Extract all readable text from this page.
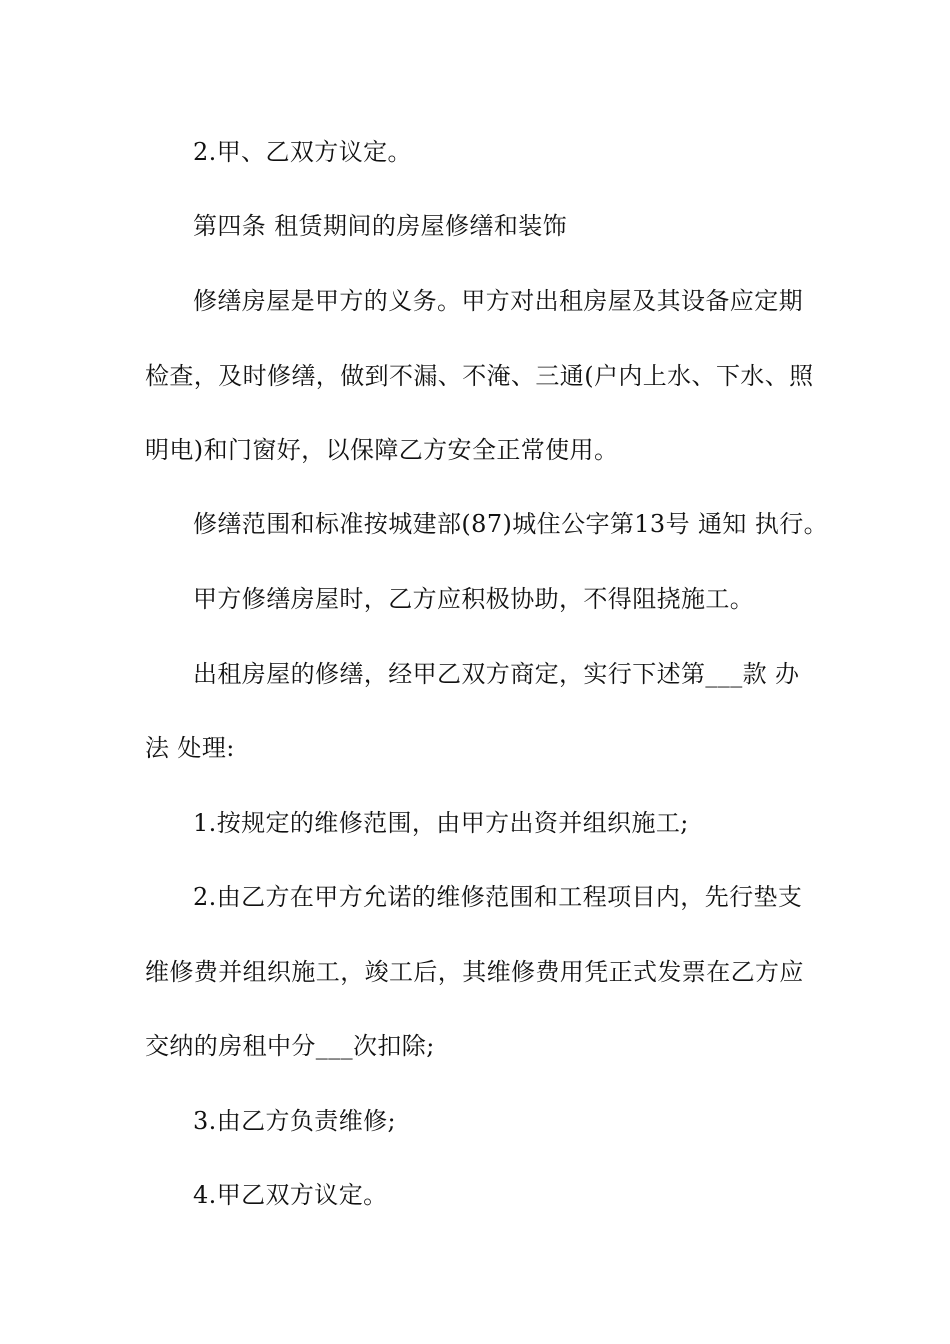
2.甲、乙双方议定。
第四条 租赁期间的房屋修缮和装饰
修缮房屋是甲方的义务。甲方对出租房屋及其设备应定期
检查，及时修缮，做到不漏、不淹、三通(户内上水、下水、照
明电)和门窗好，以保障乙方安全正常使用。
修缮范围和标准按城建部(87)城住公字第13号 通知 执行。
甲方修缮房屋时，乙方应积极协助，不得阻挠施工。
出租房屋的修缮，经甲乙双方商定，实行下述第___款 办
法 处理:
1.按规定的维修范围，由甲方出资并组织施工;
2.由乙方在甲方允诺的维修范围和工程项目内，先行垫支
维修费并组织施工，竣工后，其维修费用凭正式发票在乙方应
交纳的房租中分___次扣除;
3.由乙方负责维修;
4.甲乙双方议定。
